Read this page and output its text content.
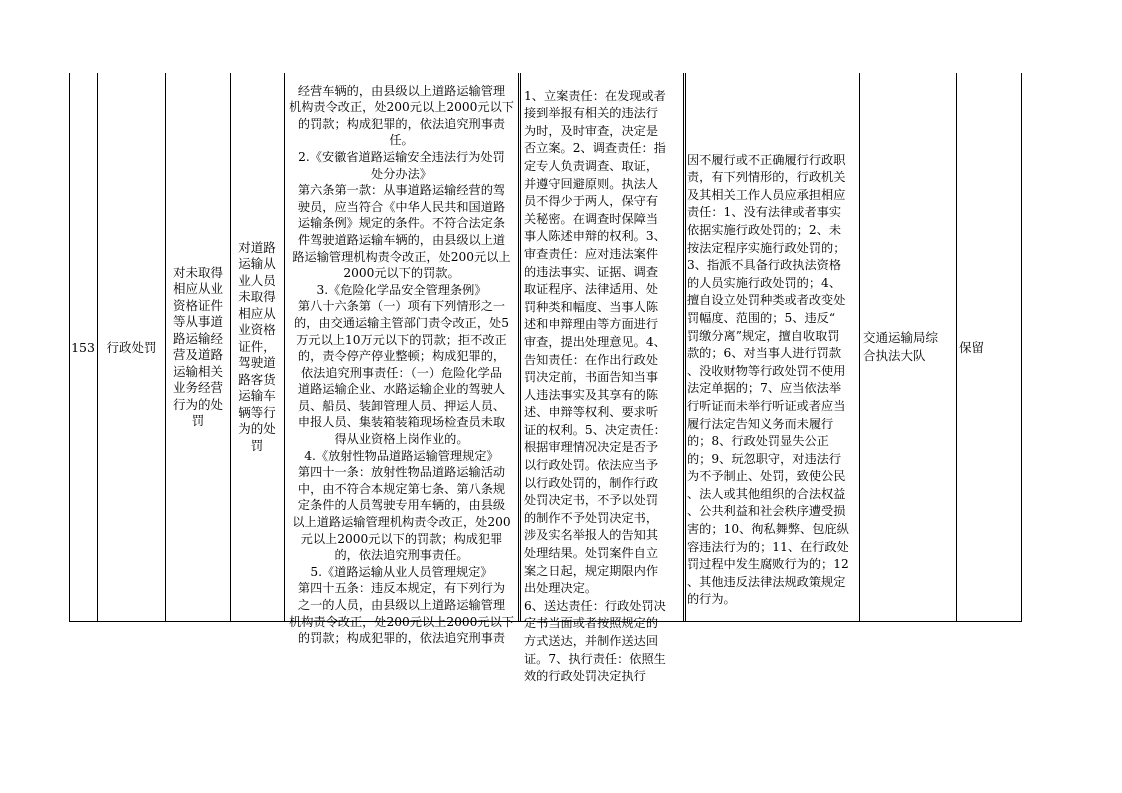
153 行政处罚
对未取得
相应从业
资格证件
等从事道
路运输经
营及道路
运输相关
业务经营
行为的处
罚
对道路
运输从
业人员
未取得
相应从
业资格
证件，
驾驶道
路客货
运输车
辆等行
为的处
罚

经营车辆的，由县级以上道路运输管理
机构责令改正，处200元以上2000元以下
的罚款；构成犯罪的，依法追究刑事责
任。
2.《安徽省道路运输安全违法行为处罚
处分办法》
第六条第一款：从事道路运输经营的驾
驶员，应当符合《中华人民共和国道路
运输条例》规定的条件。不符合法定条
件驾驶道路运输车辆的，由县级以上道
路运输管理机构责令改正，处200元以上
2000元以下的罚款。
3.《危险化学品安全管理条例》
第八十六条第（一）项有下列情形之一
的，由交通运输主管部门责令改正，处5
万元以上10万元以下的罚款；拒不改正
的，责令停产停业整顿；构成犯罪的，
依法追究刑事责任：（一）危险化学品
道路运输企业、水路运输企业的驾驶人
员、船员、装卸管理人员、押运人员、
申报人员、集装箱装箱现场检查员未取
得从业资格上岗作业的。
4.《放射性物品道路运输管理规定》
第四十一条：放射性物品道路运输活动
中，由不符合本规定第七条、第八条规
定条件的人员驾驶专用车辆的，由县级
以上道路运输管理机构责令改正，处200
元以上2000元以下的罚款；构成犯罪
的，依法追究刑事责任。
5.《道路运输从业人员管理规定》
第四十五条：违反本规定，有下列行为
之一的人员，由县级以上道路运输管理
机构责令改正，处200元以上2000元以下
的罚款；构成犯罪的，依法追究刑事责

1、立案责任：在发现或者
接到举报有相关的违法行
为时，及时审查，决定是
否立案。2、调查责任：指
定专人负责调查、取证，
并遵守回避原则。执法人
员不得少于两人，保守有
关秘密。在调查时保障当
事人陈述申辩的权利。3、
审查责任：应对违法案件
的违法事实、证据、调查
取证程序、法律适用、处
罚种类和幅度、当事人陈
述和申辩理由等方面进行
审查，提出处理意见。4、
告知责任：在作出行政处
罚决定前，书面告知当事
人违法事实及其享有的陈
述、申辩等权利、要求听
证的权利。5、决定责任：
根据审理情况决定是否予
以行政处罚。依法应当予
以行政处罚的，制作行政
处罚决定书，不予以处罚
的制作不予处罚决定书，
涉及实名举报人的告知其
处理结果。处罚案件自立
案之日起，规定期限内作
出处理决定。
6、送达责任：行政处罚决
定书当面或者按照规定的
方式送达，并制作送达回
证。7、执行责任：依照生
效的行政处罚决定执行

因不履行或不正确履行行政职
责，有下列情形的，行政机关
及其相关工作人员应承担相应
责任：1、没有法律或者事实
依据实施行政处罚的；2、未
按法定程序实施行政处罚的；
3、指派不具备行政执法资格
的人员实施行政处罚的；4、
擅自设立处罚种类或者改变处
罚幅度、范围的；5、违反“
罚缴分离”规定，擅自收取罚
款的；6、对当事人进行罚款
、没收财物等行政处罚不使用
法定单据的；7、应当依法举
行听证而未举行听证或者应当
履行法定告知义务而未履行
的；8、行政处罚显失公正
的；9、玩忽职守，对违法行
为不予制止、处罚，致使公民
、法人或其他组织的合法权益
、公共利益和社会秩序遭受损
害的；10、徇私舞弊、包庇纵
容违法行为的；11、在行政处
罚过程中发生腐败行为的；12
、其他违反法律法规政策规定
的行为。

交通运输局综
合执法大队
保留
